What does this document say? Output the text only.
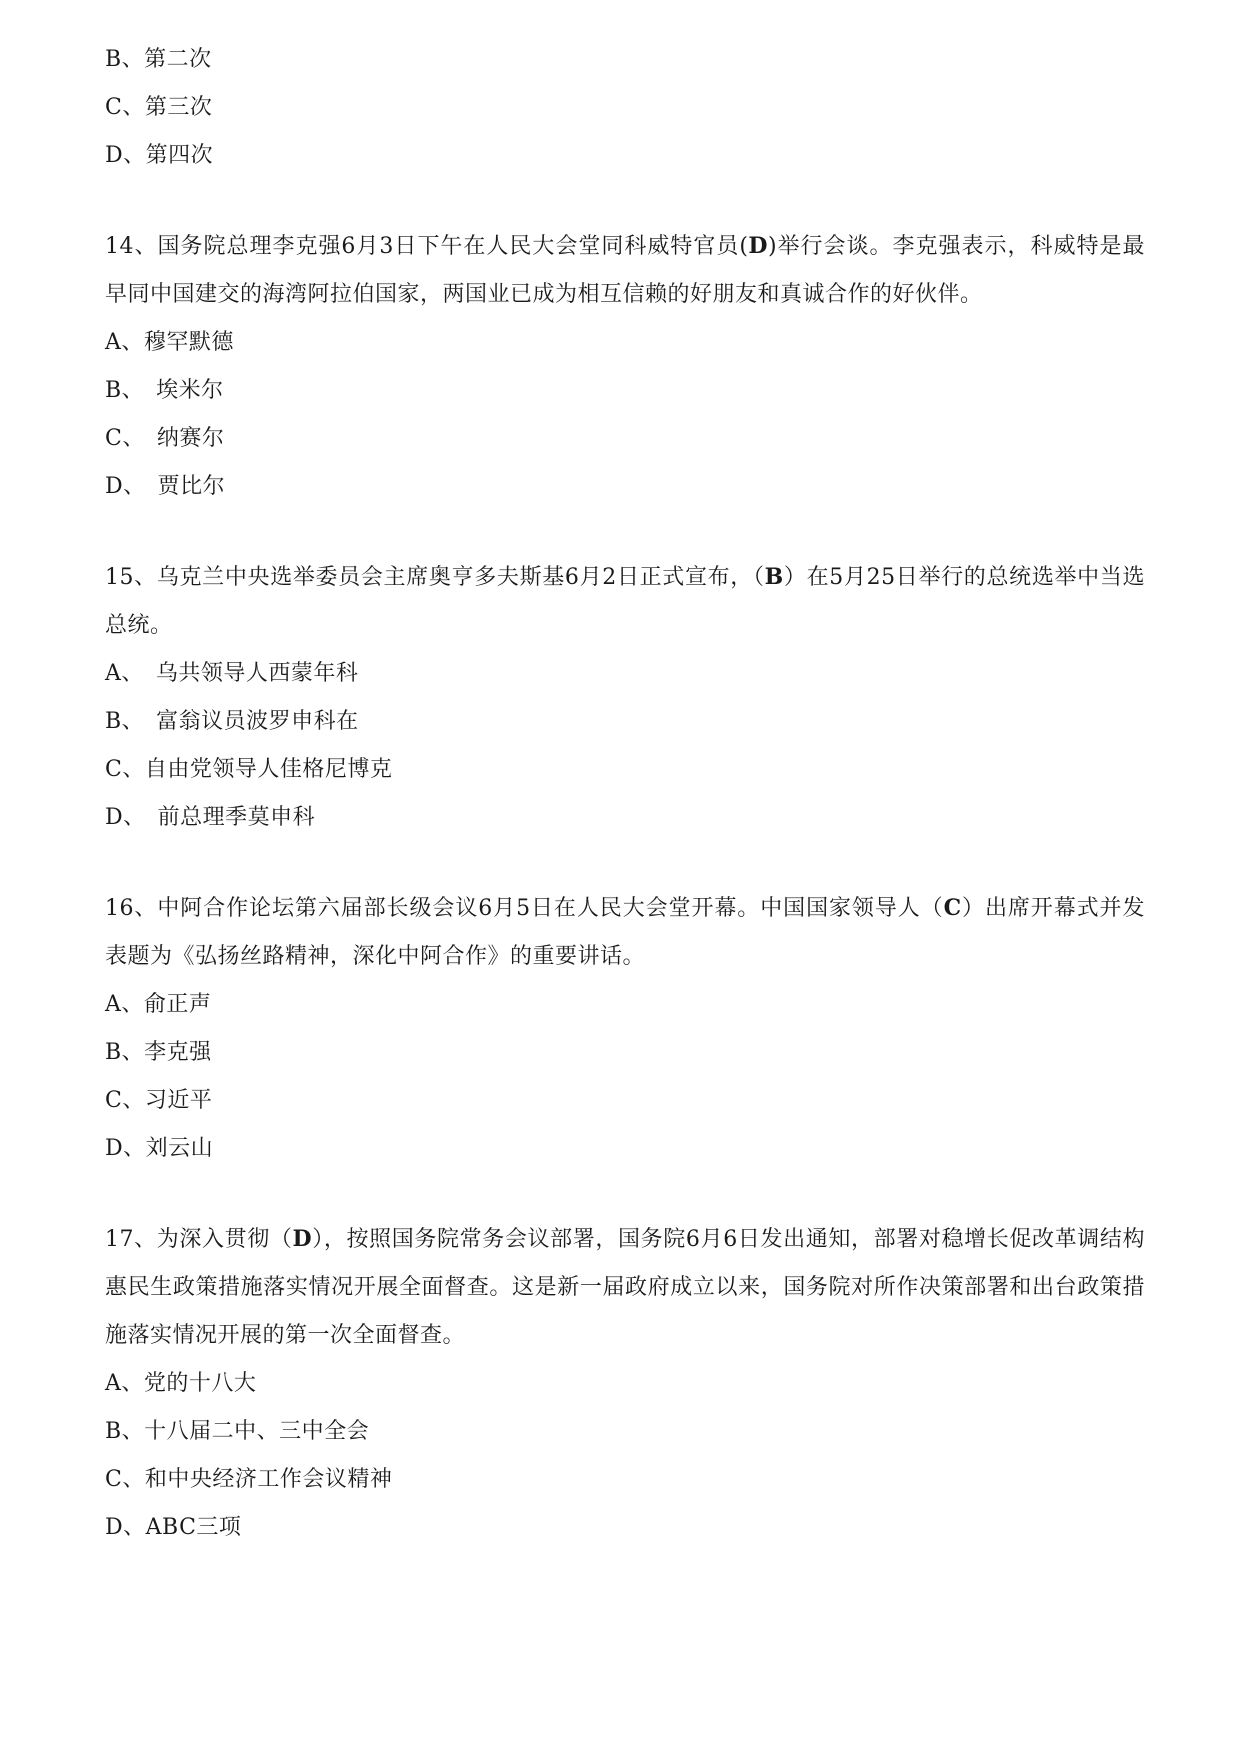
B、第二次
C、第三次
D、第四次
14、国务院总理李克强6月3日下午在人民大会堂同科威特官员(D)举行会谈。李克强表示，科威特是最早同中国建交的海湾阿拉伯国家，两国业已成为相互信赖的好朋友和真诚合作的好伙伴。
A、穆罕默德
B、 埃米尔
C、 纳赛尔
D、 贾比尔
15、乌克兰中央选举委员会主席奥亨多夫斯基6月2日正式宣布，（B）在5月25日举行的总统选举中当选总统。
A、 乌共领导人西蒙年科
B、 富翁议员波罗申科在
C、自由党领导人佳格尼博克
D、 前总理季莫申科
16、中阿合作论坛第六届部长级会议6月5日在人民大会堂开幕。中国国家领导人（C）出席开幕式并发表题为《弘扬丝路精神，深化中阿合作》的重要讲话。
A、俞正声
B、李克强
C、习近平
D、刘云山
17、为深入贯彻（D），按照国务院常务会议部署，国务院6月6日发出通知，部署对稳增长促改革调结构惠民生政策措施落实情况开展全面督查。这是新一届政府成立以来，国务院对所作决策部署和出台政策措施落实情况开展的第一次全面督查。
A、党的十八大
B、十八届二中、三中全会
C、和中央经济工作会议精神
D、ABC三项
